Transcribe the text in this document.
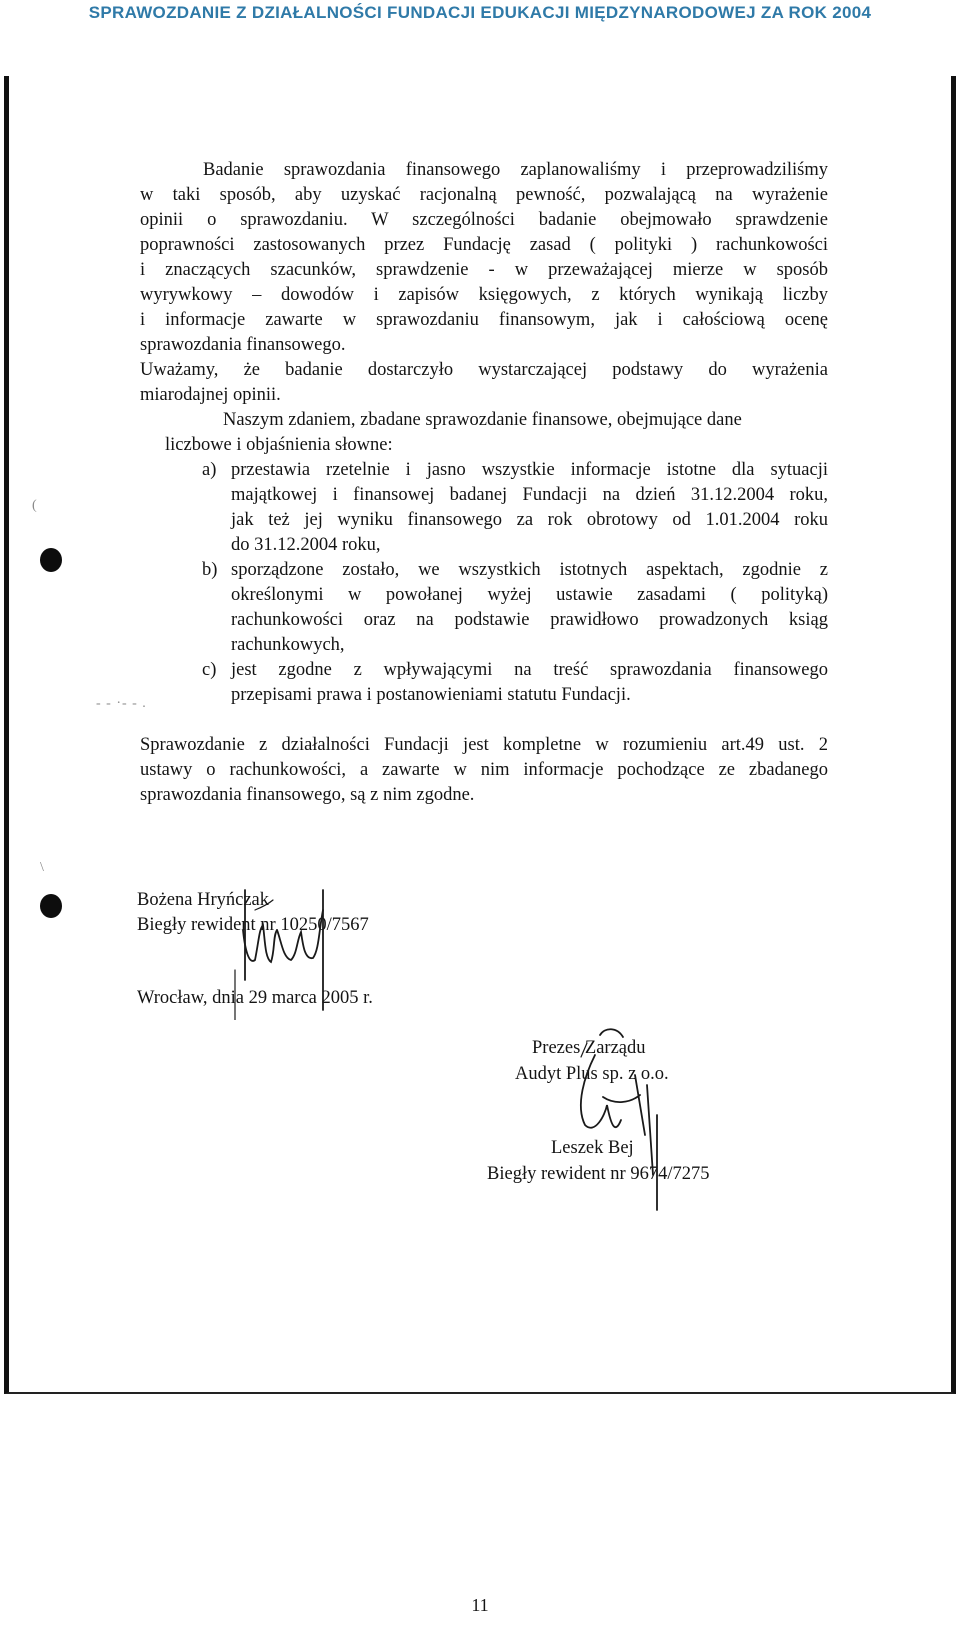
SPRAWOZDANIE Z DZIAŁALNOŚCI FUNDACJI EDUKACJI MIĘDZYNARODOWEJ ZA ROK 2004
(
\
- - ·- - .
Badanie sprawozdania finansowego zaplanowaliśmy i przeprowadziliśmy
w taki sposób, aby uzyskać racjonalną pewność, pozwalającą na wyrażenie
opinii o sprawozdaniu. W szczególności badanie obejmowało sprawdzenie
poprawności zastosowanych przez Fundację zasad ( polityki ) rachunkowości
i znaczących szacunków, sprawdzenie - w przeważającej mierze w sposób
wyrywkowy – dowodów i zapisów księgowych, z których wynikają liczby
i informacje zawarte w sprawozdaniu finansowym, jak i całościową ocenę
sprawozdania finansowego.
Uważamy, że badanie dostarczyło wystarczającej podstawy do wyrażenia
miarodajnej opinii.
Naszym zdaniem, zbadane sprawozdanie finansowe, obejmujące dane
liczbowe i objaśnienia słowne:
a) przestawia rzetelnie i jasno wszystkie informacje istotne dla sytuacji
majątkowej i finansowej badanej Fundacji na dzień 31.12.2004 roku,
jak też jej wyniku finansowego za rok obrotowy od 1.01.2004 roku
do 31.12.2004 roku,
b) sporządzone zostało, we wszystkich istotnych aspektach, zgodnie z
określonymi w powołanej wyżej ustawie zasadami ( polityką)
rachunkowości oraz na podstawie prawidłowo prowadzonych ksiąg
rachunkowych,
c) jest zgodne z wpływającymi na treść sprawozdania finansowego
przepisami prawa i postanowieniami statutu Fundacji.
Sprawozdanie z działalności Fundacji jest kompletne w rozumieniu art.49 ust. 2
ustawy o rachunkowości, a zawarte w nim informacje pochodzące ze zbadanego
sprawozdania finansowego, są z nim zgodne.
Bożena Hryńczak
Biegły rewident nr 10250/7567
Wrocław, dnia 29 marca 2005 r.
Prezes Zarządu
Audyt Plus sp. z o.o.
Leszek Bej
Biegły rewident nr 9674/7275
11
